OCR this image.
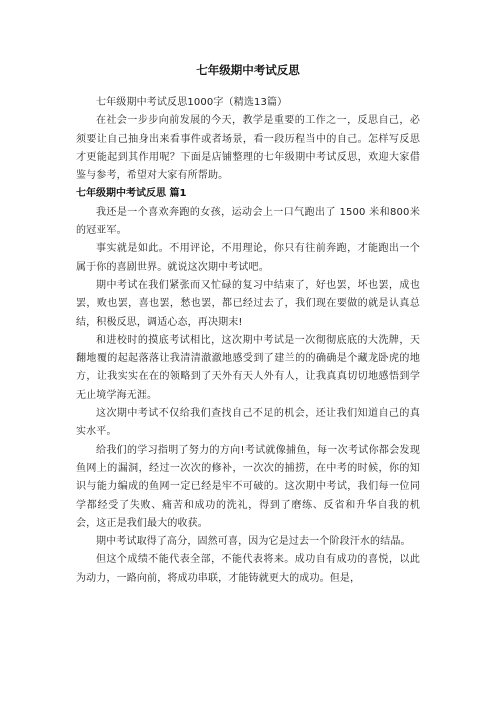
七年级期中考试反思

七年级期中考试反思1000字（精选13篇）

在社会一步步向前发展的今天，教学是重要的工作之一，反思自己，必须要让自己抽身出来看事件或者场景，看一段历程当中的自己。怎样写反思才更能起到其作用呢？下面是店铺整理的七年级期中考试反思，欢迎大家借鉴与参考，希望对大家有所帮助。

七年级期中考试反思 篇1

我还是一个喜欢奔跑的女孩，运动会上一口气跑出了 1500 米和800米的冠亚军。

事实就是如此。不用评论，不用理论，你只有往前奔跑，才能跑出一个属于你的喜剧世界。就说这次期中考试吧。

期中考试在我们紧张而又忙碌的复习中结束了，好也罢，坏也罢，成也罢，败也罢，喜也罢，愁也罢，都已经过去了，我们现在要做的就是认真总结，积极反思，调适心态，再决期末!

和进校时的摸底考试相比，这次期中考试是一次彻彻底底的大洗牌，天翻地覆的起起落落让我清清澈澈地感受到了建兰的的确确是个藏龙卧虎的地方，让我实实在在的领略到了天外有天人外有人，让我真真切切地感悟到学无止境学海无涯。

这次期中考试不仅给我们查找自己不足的机会，还让我们知道自己的真实水平。

给我们的学习指明了努力的方向!考试就像捕鱼，每一次考试你都会发现鱼网上的漏洞，经过一次次的修补，一次次的捕捞，在中考的时候，你的知识与能力编成的鱼网一定已经是牢不可破的。这次期中考试，我们每一位同学都经受了失败、痛苦和成功的洗礼，得到了磨练、反省和升华自我的机会，这正是我们最大的收获。

期中考试取得了高分，固然可喜，因为它是过去一个阶段汗水的结晶。

但这个成绩不能代表全部，不能代表将来。成功自有成功的喜悦，以此为动力，一路向前，将成功串联，才能铸就更大的成功。但是，
